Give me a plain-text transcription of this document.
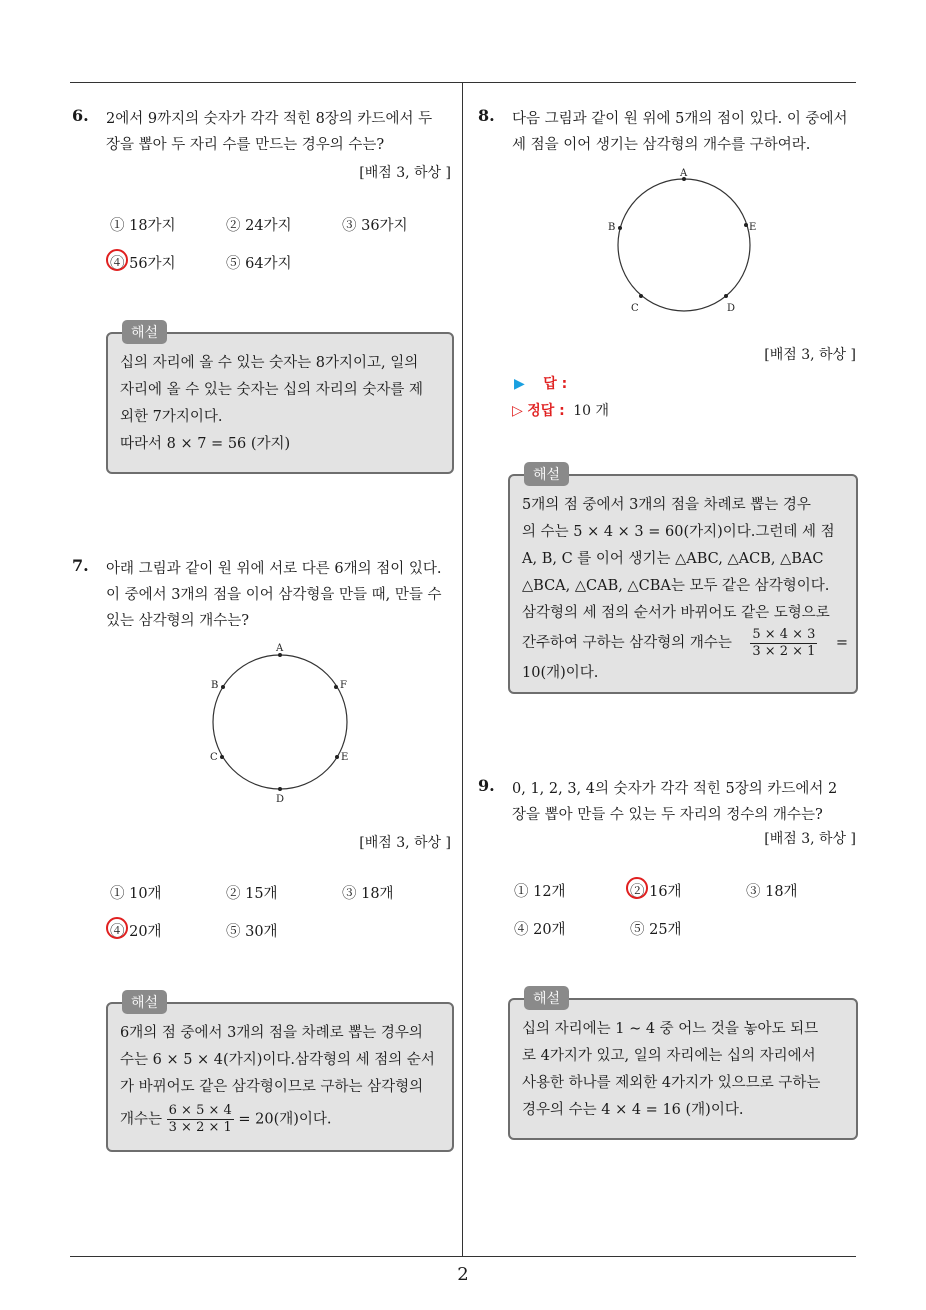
6. 2에서 9까지의 숫자가 각각 적힌 8장의 카드에서 두
장을 뽑아 두 자리 수를 만드는 경우의 수는?
[배점 3, 하상 ]
① 18가지	② 24가지	③ 36가지
④ 56가지	⑤ 64가지
해설
십의 자리에 올 수 있는 숫자는 8가지이고, 일의
자리에 올 수 있는 숫자는 십의 자리의 숫자를 제
외한 7가지이다.
따라서 8 × 7 = 56 (가지)
7. 아래 그림과 같이 원 위에 서로 다른 6개의 점이 있다.
이 중에서 3개의 점을 이어 삼각형을 만들 때, 만들 수
있는 삼각형의 개수는?
A
B
C
D
E
F
[배점 3, 하상 ]
① 10개	② 15개	③ 18개
④ 20개	⑤ 30개
해설
6개의 점 중에서 3개의 점을 차례로 뽑는 경우의
수는 6 × 5 × 4(가지)이다.삼각형의 세 점의 순서
가 바뀌어도 같은 삼각형이므로 구하는 삼각형의
개수는 $\frac{6 \times 5 \times 4}{3 \times 2 \times 1} = 20$(개)이다.
8. 다음 그림과 같이 원 위에 5개의 점이 있다. 이 중에서
세 점을 이어 생기는 삼각형의 개수를 구하여라.
A
B
C	D
E
[배점 3, 하상 ]
▶ 답 :
▷ 정답 : 10 개
해설
5개의 점 중에서 3개의 점을 차례로 뽑는 경우
의 수는 5 × 4 × 3 = 60(가지)이다.그런데 세 점
A, B, C 를 이어 생기는 △ABC, △ACB, △BAC
△BCA, △CAB, △CBA는 모두 같은 삼각형이다.
삼각형의 세 점의 순서가 바뀌어도 같은 도형으로
간주하여 구하는 삼각형의 개수는 $\frac{5 \times 4 \times 3}{3 \times 2 \times 1}$ =
10(개)이다.
9. 0, 1, 2, 3, 4의 숫자가 각각 적힌 5장의 카드에서 2
장을 뽑아 만들 수 있는 두 자리의 정수의 개수는?
[배점 3, 하상 ]
① 12개	② 16개	③ 18개
④ 20개	⑤ 25개
해설
십의 자리에는 1 ∼ 4 중 어느 것을 놓아도 되므
로 4가지가 있고, 일의 자리에는 십의 자리에서
사용한 하나를 제외한 4가지가 있으므로 구하는
경우의 수는 4 × 4 = 16 (개)이다.
2
